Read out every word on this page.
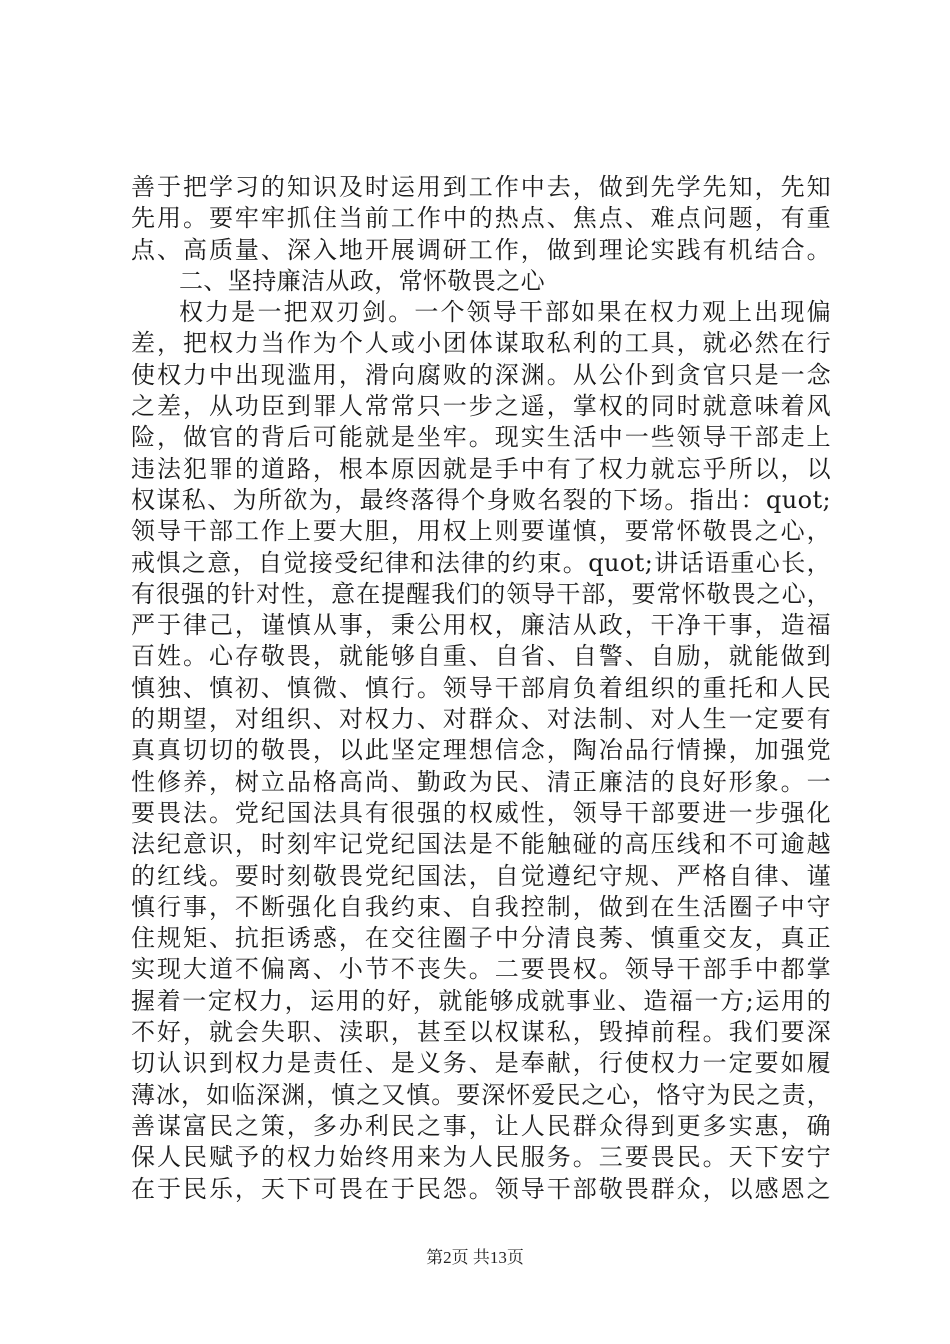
善于把学习的知识及时运用到工作中去，做到先学先知，先知
先用。要牢牢抓住当前工作中的热点、焦点、难点问题，有重
点、高质量、深入地开展调研工作，做到理论实践有机结合。
二、坚持廉洁从政，常怀敬畏之心
权力是一把双刃剑。一个领导干部如果在权力观上出现偏
差，把权力当作为个人或小团体谋取私利的工具，就必然在行
使权力中出现滥用，滑向腐败的深渊。从公仆到贪官只是一念
之差，从功臣到罪人常常只一步之遥，掌权的同时就意味着风
险，做官的背后可能就是坐牢。现实生活中一些领导干部走上
违法犯罪的道路，根本原因就是手中有了权力就忘乎所以，以
权谋私、为所欲为，最终落得个身败名裂的下场。指出：quot;
领导干部工作上要大胆，用权上则要谨慎，要常怀敬畏之心，
戒惧之意，自觉接受纪律和法律的约束。quot;讲话语重心长，
有很强的针对性，意在提醒我们的领导干部，要常怀敬畏之心，
严于律己，谨慎从事，秉公用权，廉洁从政，干净干事，造福
百姓。心存敬畏，就能够自重、自省、自警、自励，就能做到
慎独、慎初、慎微、慎行。领导干部肩负着组织的重托和人民
的期望，对组织、对权力、对群众、对法制、对人生一定要有
真真切切的敬畏，以此坚定理想信念，陶冶品行情操，加强党
性修养，树立品格高尚、勤政为民、清正廉洁的良好形象。一
要畏法。党纪国法具有很强的权威性，领导干部要进一步强化
法纪意识，时刻牢记党纪国法是不能触碰的高压线和不可逾越
的红线。要时刻敬畏党纪国法，自觉遵纪守规、严格自律、谨
慎行事，不断强化自我约束、自我控制，做到在生活圈子中守
住规矩、抗拒诱惑，在交往圈子中分清良莠、慎重交友，真正
实现大道不偏离、小节不丧失。二要畏权。领导干部手中都掌
握着一定权力，运用的好，就能够成就事业、造福一方;运用的
不好，就会失职、渎职，甚至以权谋私，毁掉前程。我们要深
切认识到权力是责任、是义务、是奉献，行使权力一定要如履
薄冰，如临深渊，慎之又慎。要深怀爱民之心，恪守为民之责，
善谋富民之策，多办利民之事，让人民群众得到更多实惠，确
保人民赋予的权力始终用来为人民服务。三要畏民。天下安宁
在于民乐，天下可畏在于民怨。领导干部敬畏群众，以感恩之
第2页 共13页
